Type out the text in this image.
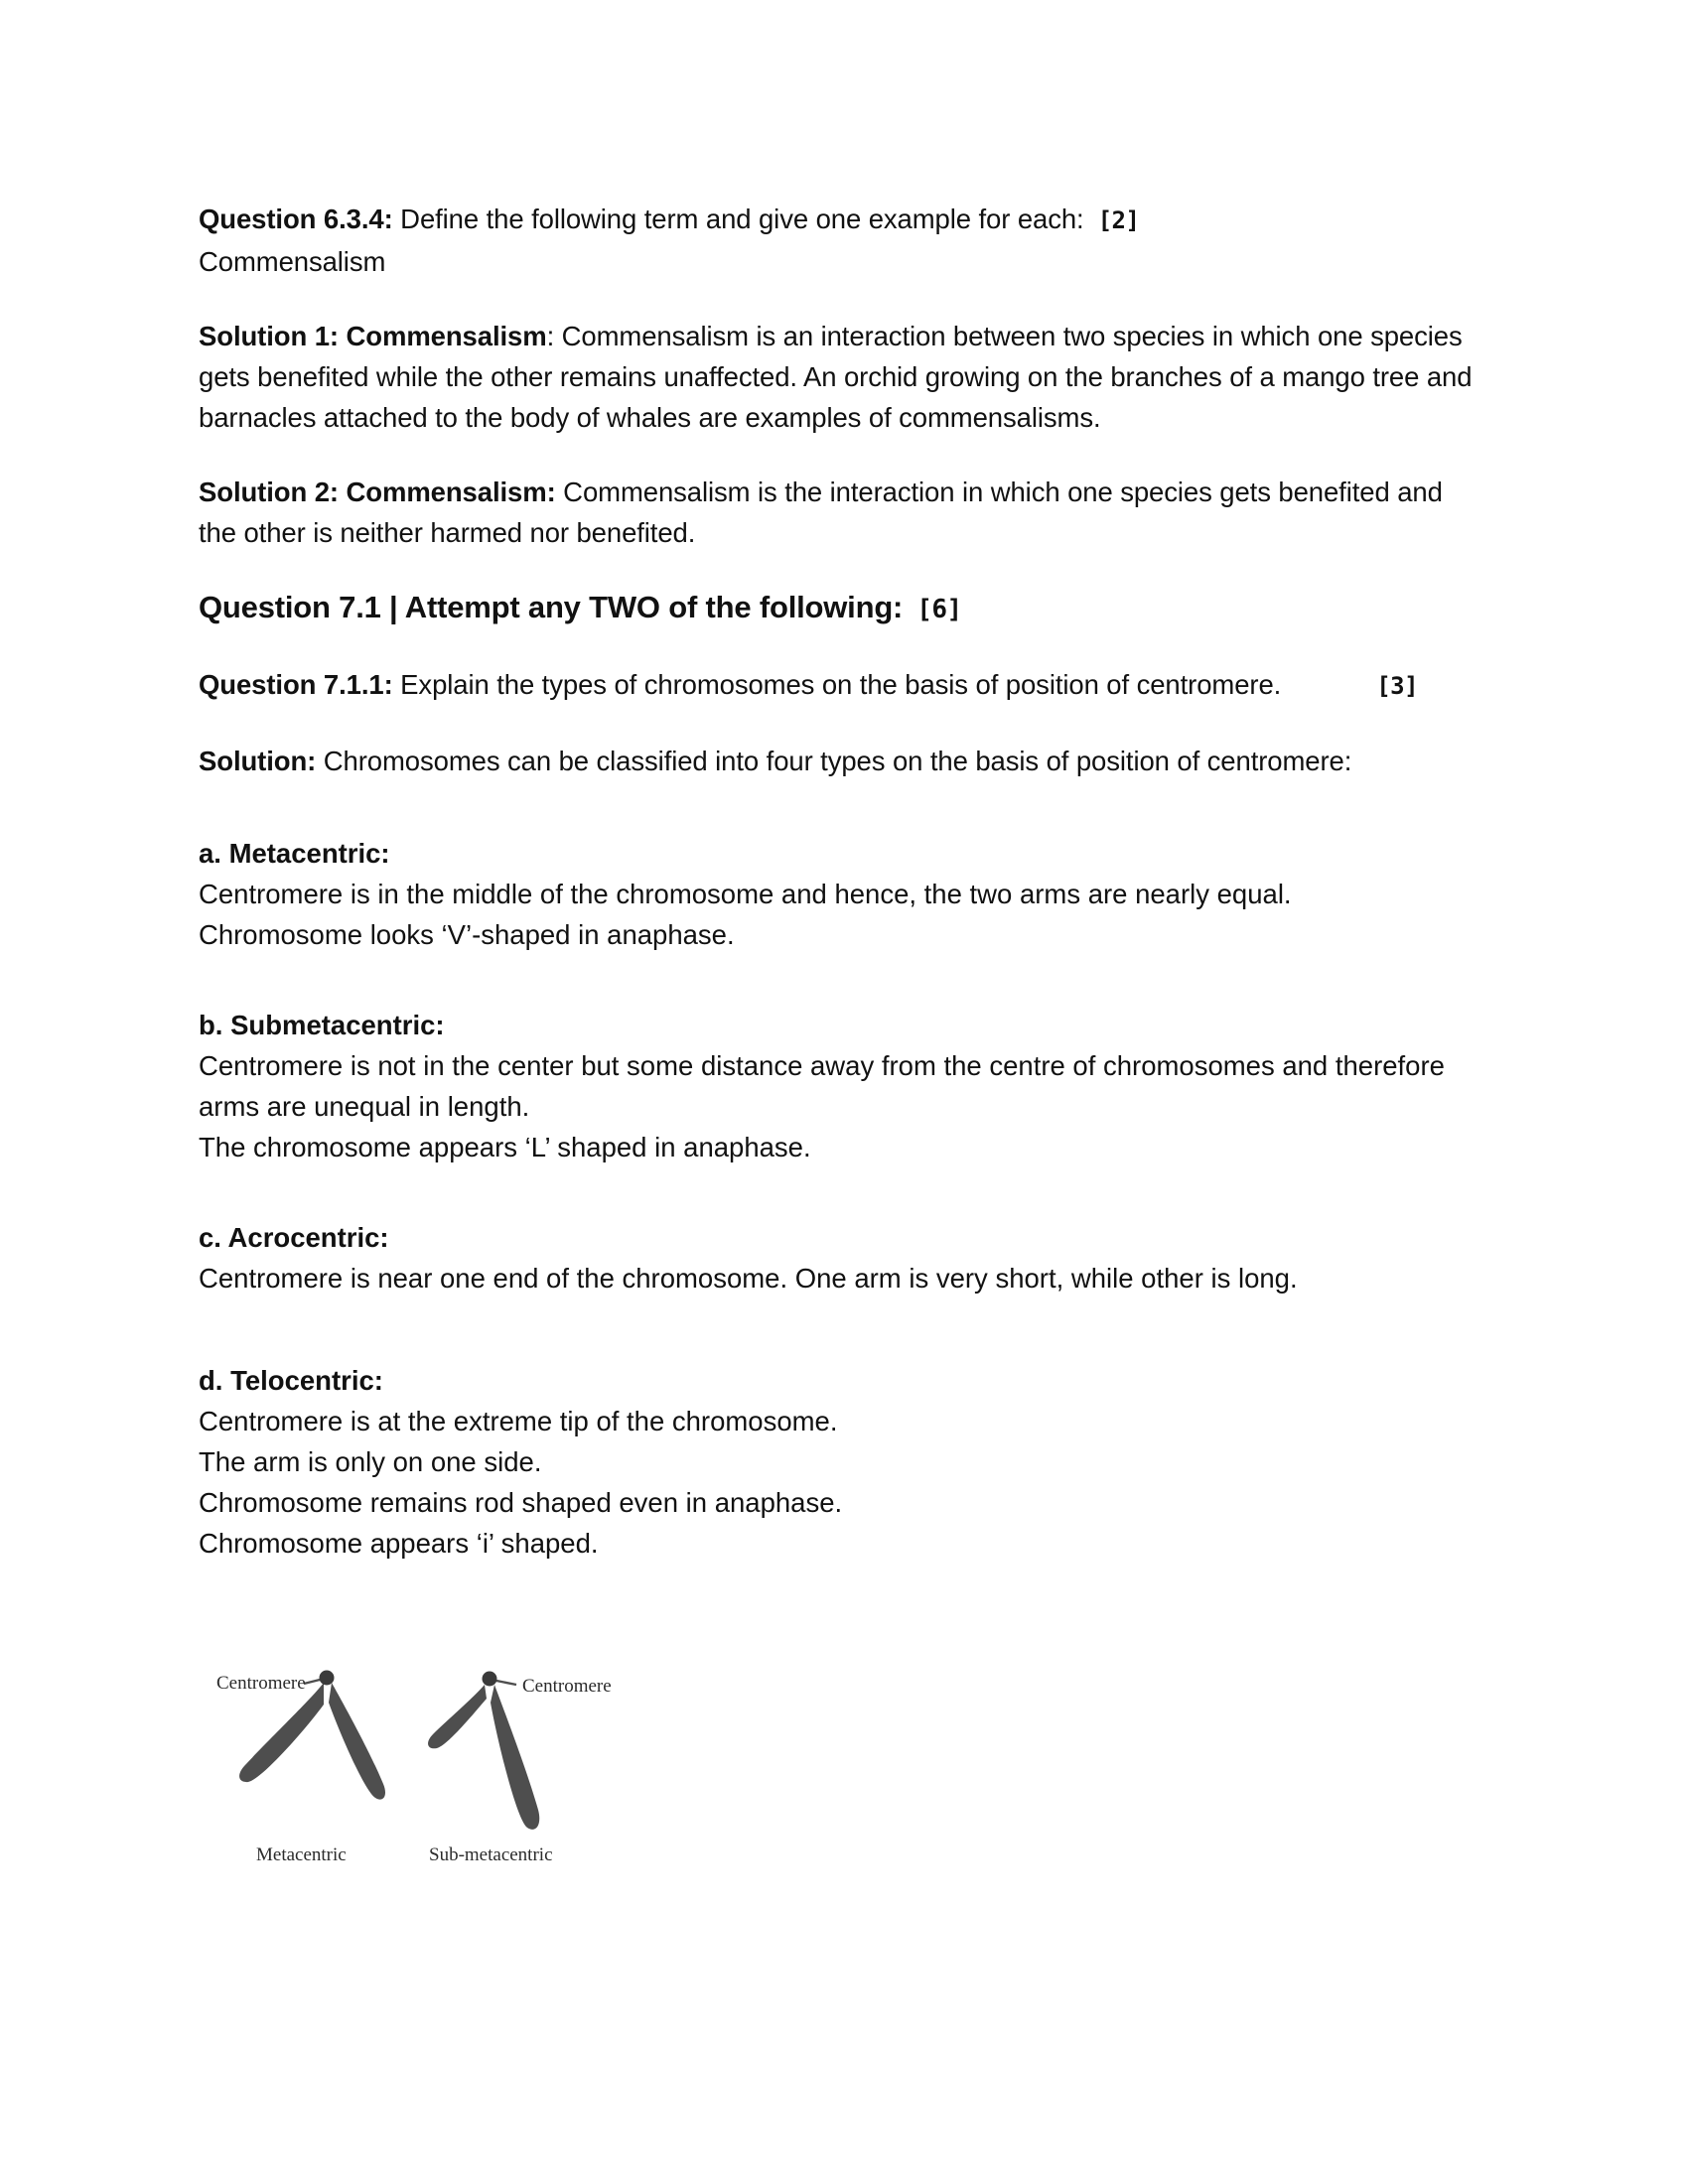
Question 6.3.4: Define the following term and give one example for each: [2]
Commensalism

Solution 1: Commensalism: Commensalism is an interaction between two species in which one species gets benefited while the other remains unaffected. An orchid growing on the branches of a mango tree and barnacles attached to the body of whales are examples of commensalisms.

Solution 2: Commensalism: Commensalism is the interaction in which one species gets benefited and the other is neither harmed nor benefited.

Question 7.1 | Attempt any TWO of the following: [6]

Question 7.1.1: Explain the types of chromosomes on the basis of position of centromere.	[3]

Solution: Chromosomes can be classified into four types on the basis of position of centromere:

a. Metacentric:

Centromere is in the middle of the chromosome and hence, the two arms are nearly equal.

Chromosome looks ‘V’-shaped in anaphase.

b. Submetacentric:

Centromere is not in the center but some distance away from the centre of chromosomes and therefore arms are unequal in length.

The chromosome appears ‘L’ shaped in anaphase.

c. Acrocentric:

Centromere is near one end of the chromosome. One arm is very short, while other is long.

d. Telocentric:

Centromere is at the extreme tip of the chromosome.

The arm is only on one side.

Chromosome remains rod shaped even in anaphase.

Chromosome appears ‘i’ shaped.

Centromere
Metacentric
Centromere
Sub-metacentric
